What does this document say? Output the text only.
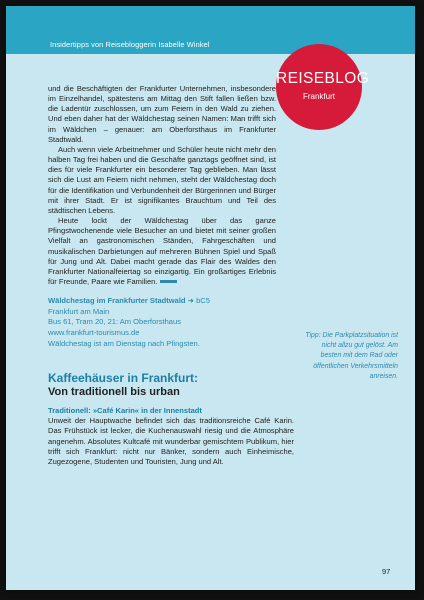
Insidertipps von Reisebloggerin Isabelle Winkel
REISEBLOG
Frankfurt

und die Beschäftigten der Frankfurter Unternehmen, insbesondere im Einzelhandel, spätestens am Mittag den Stift fallen ließen bzw. die Ladentür zuschlossen, um zum Feiern in den Wald zu ziehen. Und eben daher hat der Wäldchestag seinen Namen: Man trifft sich im Wäldchen – genauer: am Oberforsthaus im Frankfurter Stadtwald.

Auch wenn viele Arbeitnehmer und Schüler heute nicht mehr den halben Tag frei haben und die Geschäfte ganztags geöffnet sind, ist dies für viele Frankfurter ein besonderer Tag geblieben. Man lässt sich die Lust am Feiern nicht nehmen, steht der Wäldchestag doch für die Identifikation und Verbundenheit der Bürgerinnen und Bürger mit ihrer Stadt. Er ist signifikantes Brauchtum und Teil des städtischen Lebens.

Heute lockt der Wäldchestag über das ganze Pfingstwochenende viele Besucher an und bietet mit seiner großen Vielfalt an gastronomischen Ständen, Fahrgeschäften und musikalischen Darbietungen auf mehreren Bühnen Spiel und Spaß für Jung und Alt. Dabei macht gerade das Flair des Waldes den Frankfurter Nationalfeiertag so einzigartig. Ein großartiges Erlebnis für Freunde, Paare wie Familien.

Wäldchestag im Frankfurter Stadtwald ➜ bC5
Frankfurt am Main
Bus 61, Tram 20, 21: Am Oberforsthaus
www.frankfurt-tourismus.de
Wäldchestag ist am Dienstag nach Pfingsten.
Kaffeehäuser in Frankfurt:
Von traditionell bis urban
Traditionell: »Café Karin« in der Innenstadt

Unweit der Hauptwache befindet sich das traditionsreiche Café Karin. Das Frühstück ist lecker, die Kuchenauswahl riesig und die Atmosphäre angenehm. Absolutes Kultcafé mit wunderbar gemischtem Publikum, hier trifft sich Frankfurt: nicht nur Bänker, sondern auch Einheimische, Zugezogene, Studenten und Touristen, Jung und Alt.

Tipp: Die Parkplatzsituation ist nicht allzu gut gelöst. Am besten mit dem Rad oder öffentlichen Verkehrsmitteln anreisen.
97
